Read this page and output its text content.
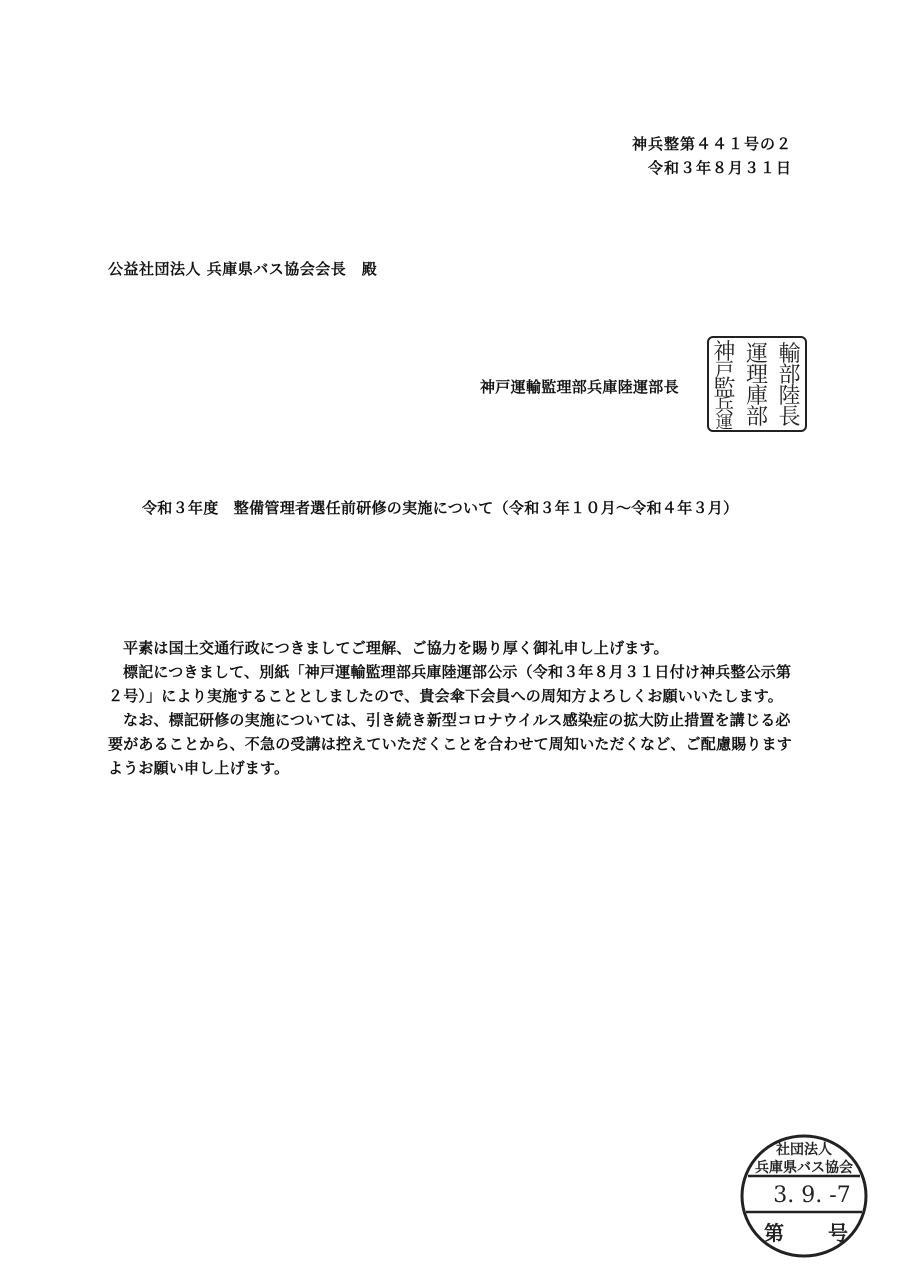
神兵整第４４１号の２
令和３年８月３１日
公益社団法人 兵庫県バス協会会長　殿
神戸運輸監理部兵庫陸運部長
輸
部
陸
長
運
理
庫
部
神
戸
監
兵
運
令和３年度　整備管理者選任前研修の実施について（令和３年１０月～令和４年３月）

平素は国土交通行政につきましてご理解、ご協力を賜り厚く御礼申し上げます。

標記につきまして、別紙「神戸運輸監理部兵庫陸運部公示（令和３年８月３１日付け神兵整公示第２号）」により実施することとしましたので、貴会傘下会員への周知方よろしくお願いいたします。

なお、標記研修の実施については、引き続き新型コロナウイルス感染症の拡大防止措置を講じる必要があることから、不急の受講は控えていただくことを合わせて周知いただくなど、ご配慮賜りますようお願い申し上げます。

社団法人
兵庫県バス協会
3. 9. -7
第 号
